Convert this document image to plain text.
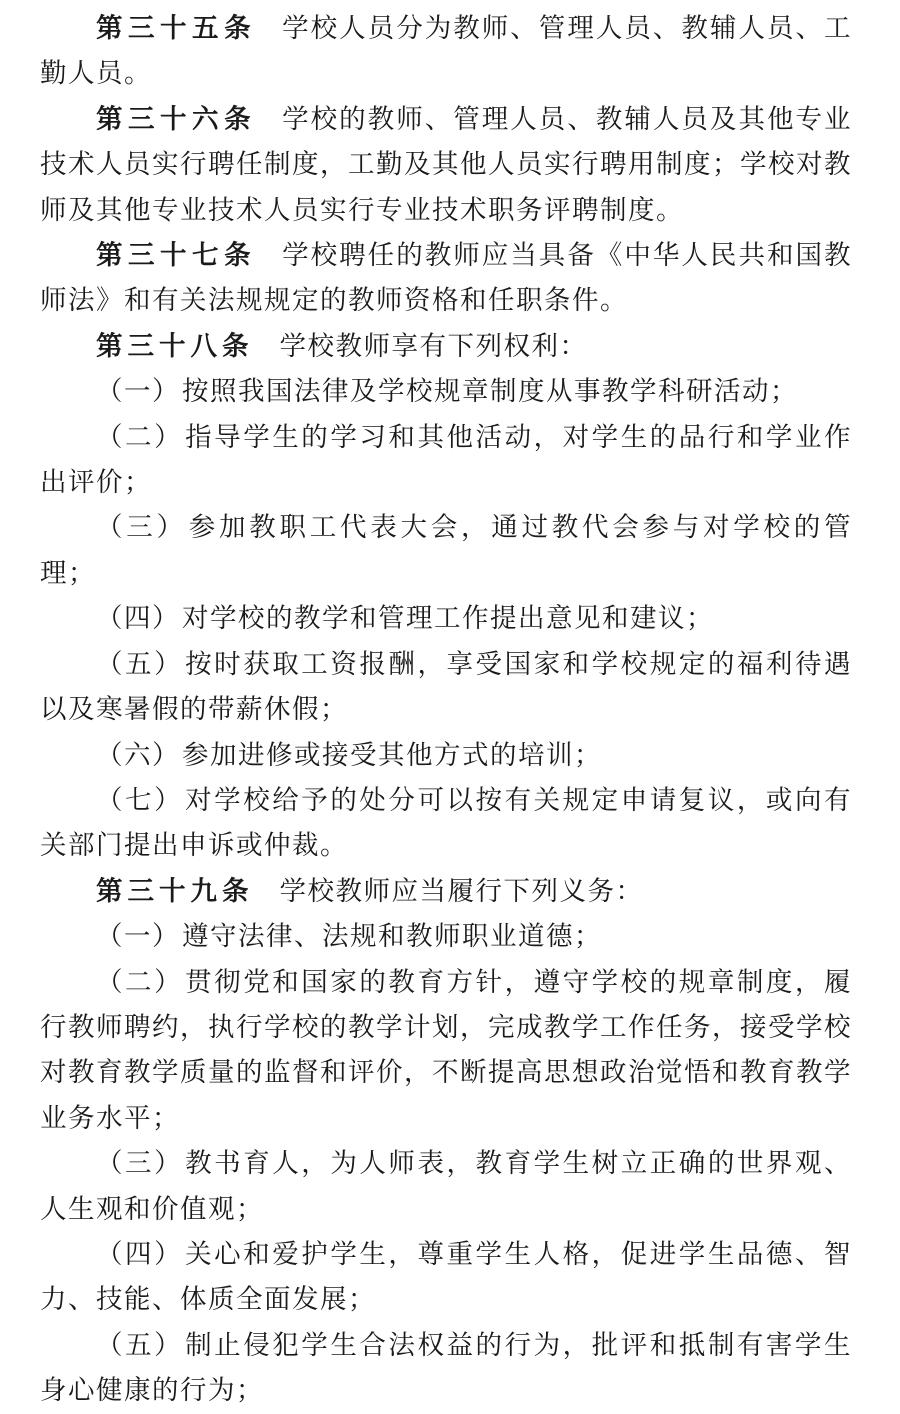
第三十五条 学校人员分为教师、管理人员、教辅人员、工勤人员。

第三十六条 学校的教师、管理人员、教辅人员及其他专业技术人员实行聘任制度，工勤及其他人员实行聘用制度；学校对教师及其他专业技术人员实行专业技术职务评聘制度。

第三十七条 学校聘任的教师应当具备《中华人民共和国教师法》和有关法规规定的教师资格和任职条件。

第三十八条 学校教师享有下列权利：

（一）按照我国法律及学校规章制度从事教学科研活动；

（二）指导学生的学习和其他活动，对学生的品行和学业作出评价；

（三）参加教职工代表大会，通过教代会参与对学校的管理；

（四）对学校的教学和管理工作提出意见和建议；

（五）按时获取工资报酬，享受国家和学校规定的福利待遇以及寒暑假的带薪休假；

（六）参加进修或接受其他方式的培训；

（七）对学校给予的处分可以按有关规定申请复议，或向有关部门提出申诉或仲裁。

第三十九条 学校教师应当履行下列义务：

（一）遵守法律、法规和教师职业道德；

（二）贯彻党和国家的教育方针，遵守学校的规章制度，履行教师聘约，执行学校的教学计划，完成教学工作任务，接受学校对教育教学质量的监督和评价，不断提高思想政治觉悟和教育教学业务水平；

（三）教书育人，为人师表，教育学生树立正确的世界观、人生观和价值观；

（四）关心和爱护学生，尊重学生人格，促进学生品德、智力、技能、体质全面发展；

（五）制止侵犯学生合法权益的行为，批评和抵制有害学生身心健康的行为；
